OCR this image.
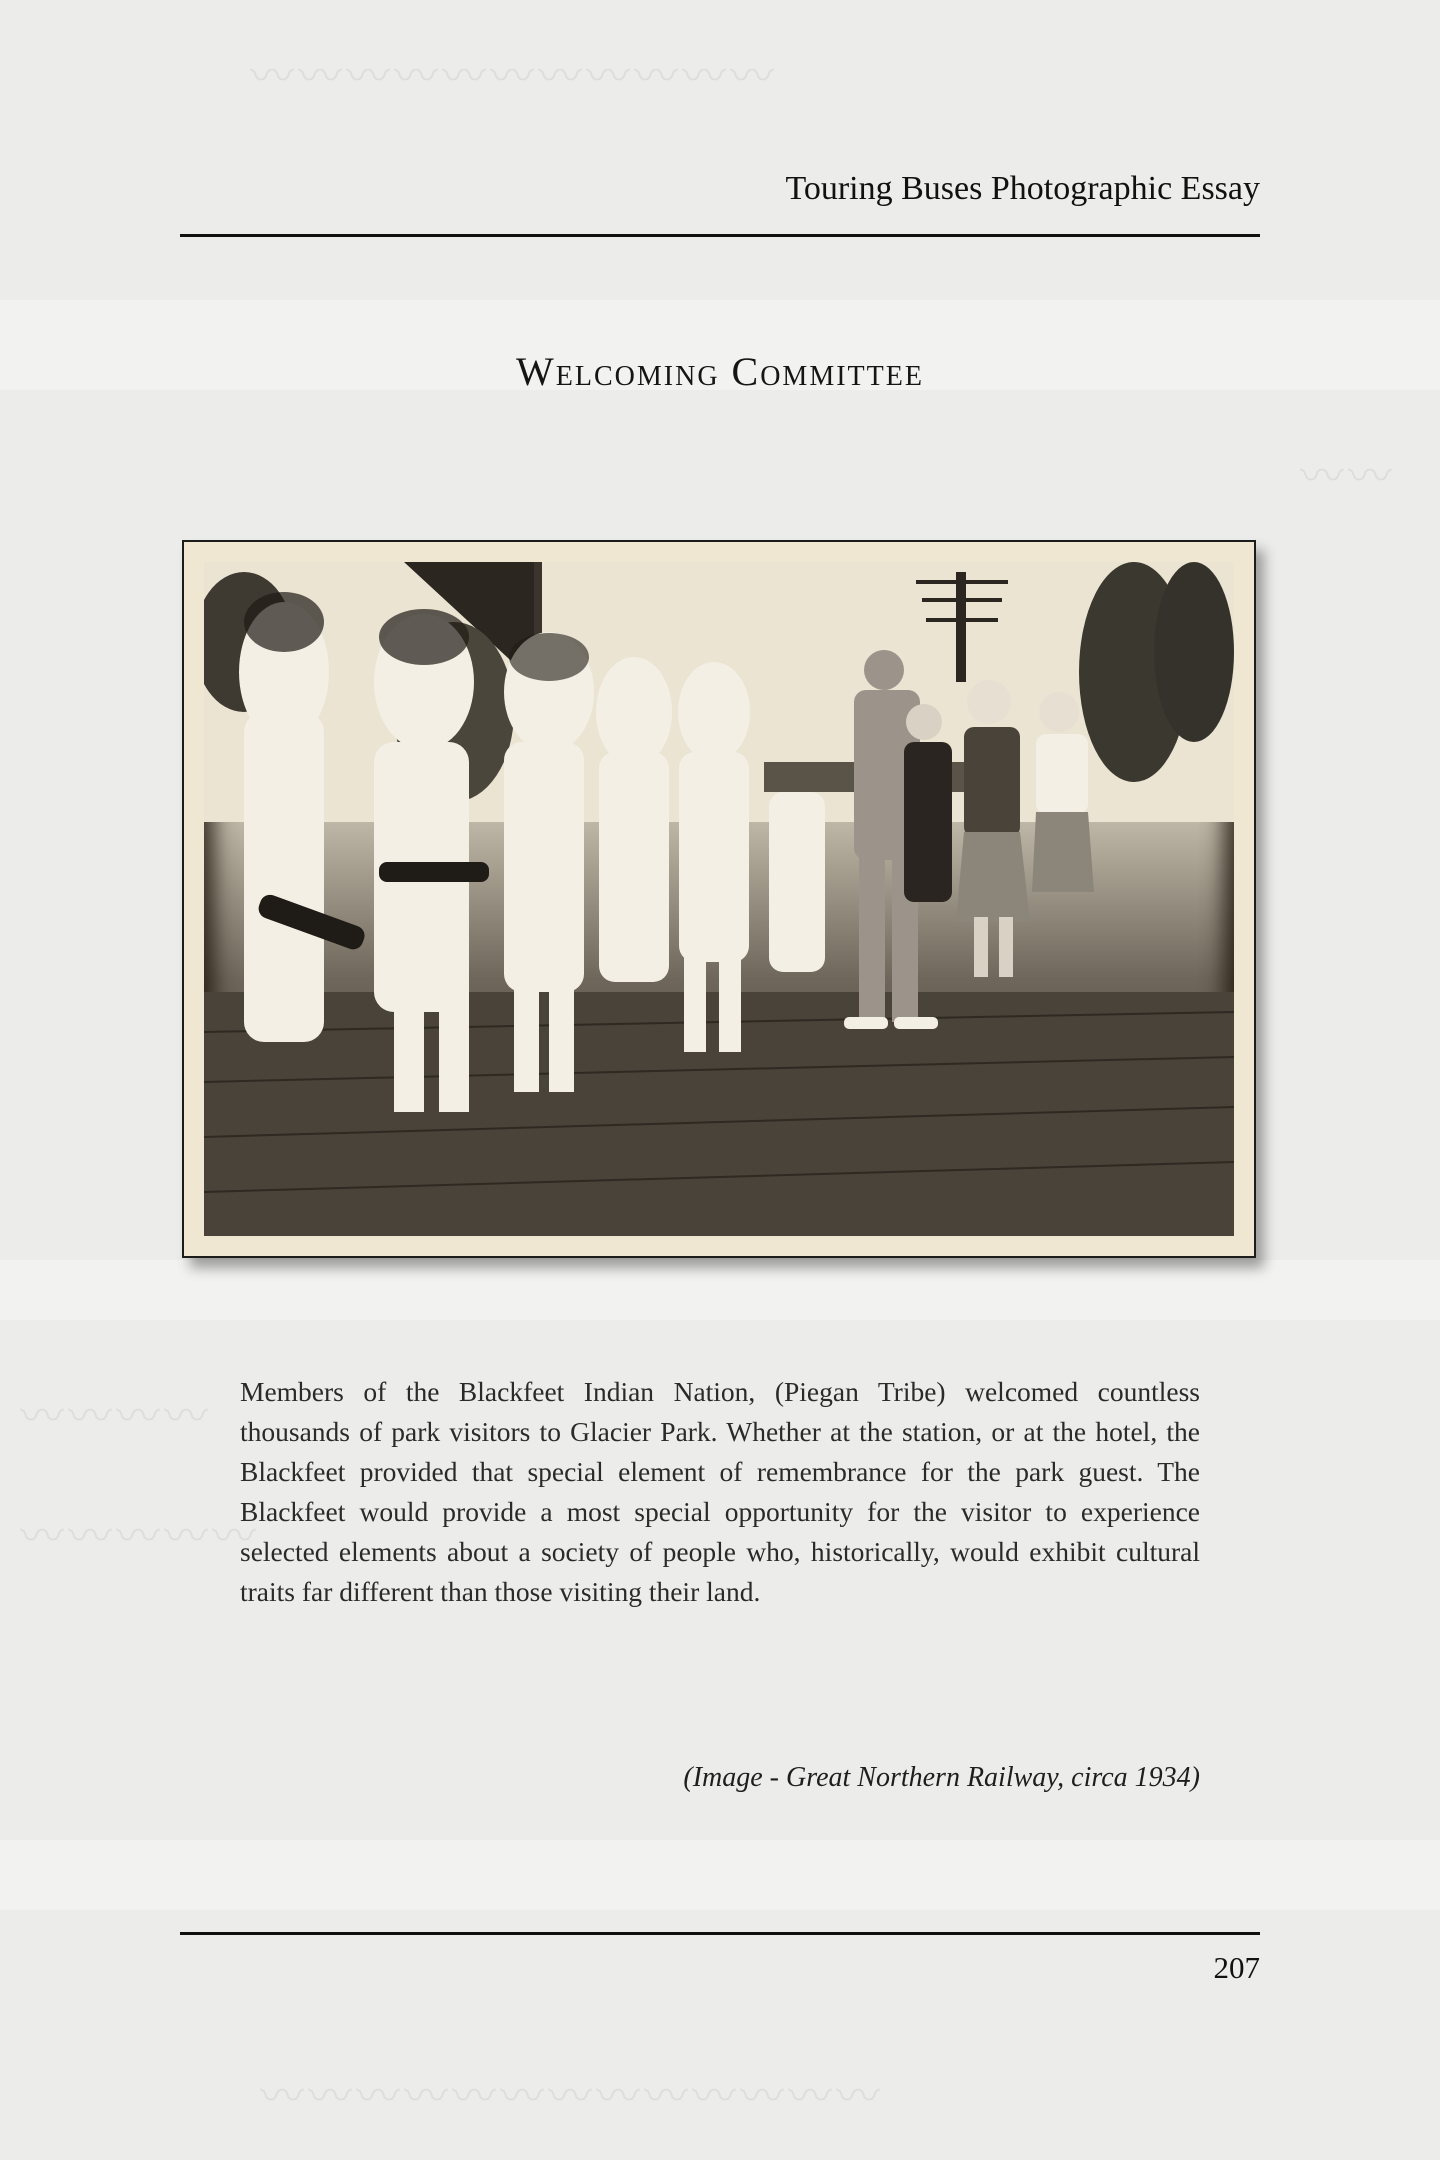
〰〰〰〰〰〰〰〰〰〰〰
〰〰〰〰
〰〰〰〰〰
〰〰
〰〰〰〰〰〰〰〰〰〰〰〰〰
Touring Buses Photographic Essay
Welcoming Committee
Members of the Blackfeet Indian Nation, (Piegan Tribe) welcomed countless thousands of park visitors to Glacier Park. Whether at the station, or at the hotel, the Blackfeet provided that special element of remembrance for the park guest. The Blackfeet would provide a most special opportunity for the visitor to experience selected elements about a society of people who, historically, would exhibit cultural traits far different than those visiting their land.
(Image - Great Northern Railway, circa 1934)
207
